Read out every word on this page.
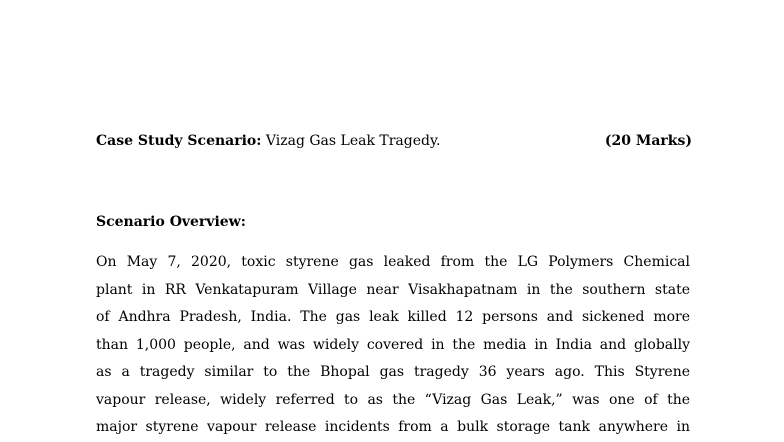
Case Study Scenario: Vizag Gas Leak Tragedy.	(20 Marks)
Scenario Overview:
On May 7, 2020, toxic styrene gas leaked from the LG Polymers Chemical
plant in RR Venkatapuram Village near Visakhapatnam in the southern state
of Andhra Pradesh, India. The gas leak killed 12 persons and sickened more
than 1,000 people, and was widely covered in the media in India and globally
as a tragedy similar to the Bhopal gas tragedy 36 years ago. This Styrene
vapour release, widely referred to as the “Vizag Gas Leak,” was one of the
major styrene vapour release incidents from a bulk storage tank anywhere in
